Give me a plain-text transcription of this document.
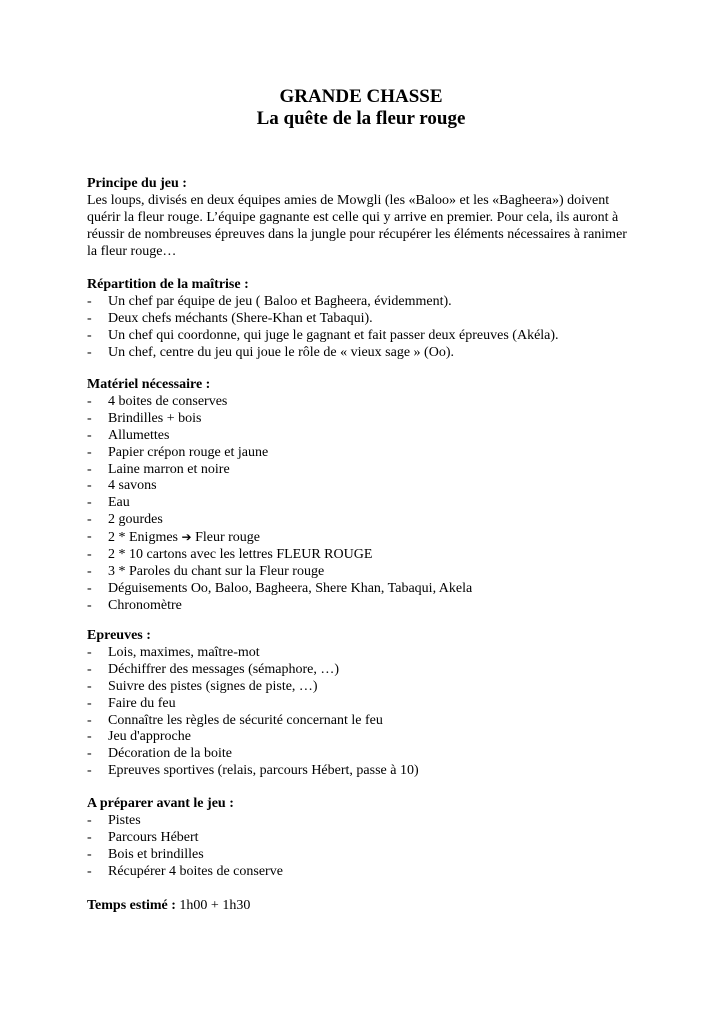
GRANDE CHASSE
La quête de la fleur rouge
Principe du jeu :

Les loups, divisés en deux équipes amies de Mowgli (les «Baloo» et les «Bagheera») doivent quérir la fleur rouge. L’équipe gagnante est celle qui y arrive en premier. Pour cela, ils auront à réussir de nombreuses épreuves dans la jungle pour récupérer les éléments nécessaires à ranimer la fleur rouge…

Répartition de la maîtrise :
- Un chef par équipe de jeu ( Baloo et Bagheera, évidemment).
- Deux chefs méchants (Shere-Khan et Tabaqui).
- Un chef qui coordonne, qui juge le gagnant et fait passer deux épreuves (Akéla).
- Un chef, centre du jeu qui joue le rôle de « vieux sage » (Oo).
Matériel nécessaire :
- 4 boites de conserves
- Brindilles + bois
- Allumettes
- Papier crépon rouge et jaune
- Laine marron et noire
- 4 savons
- Eau
- 2 gourdes
- 2 * Enigmes ➔ Fleur rouge
- 2 * 10 cartons avec les lettres FLEUR ROUGE
- 3 * Paroles du chant sur la Fleur rouge
- Déguisements Oo, Baloo, Bagheera, Shere Khan, Tabaqui, Akela
- Chronomètre
Epreuves :
- Lois, maximes, maître-mot
- Déchiffrer des messages (sémaphore, …)
- Suivre des pistes (signes de piste, …)
- Faire du feu
- Connaître les règles de sécurité concernant le feu
- Jeu d'approche
- Décoration de la boite
- Epreuves sportives (relais, parcours Hébert, passe à 10)
A préparer avant le jeu :
- Pistes
- Parcours Hébert
- Bois et brindilles
- Récupérer 4 boites de conserve
Temps estimé : 1h00 + 1h30
